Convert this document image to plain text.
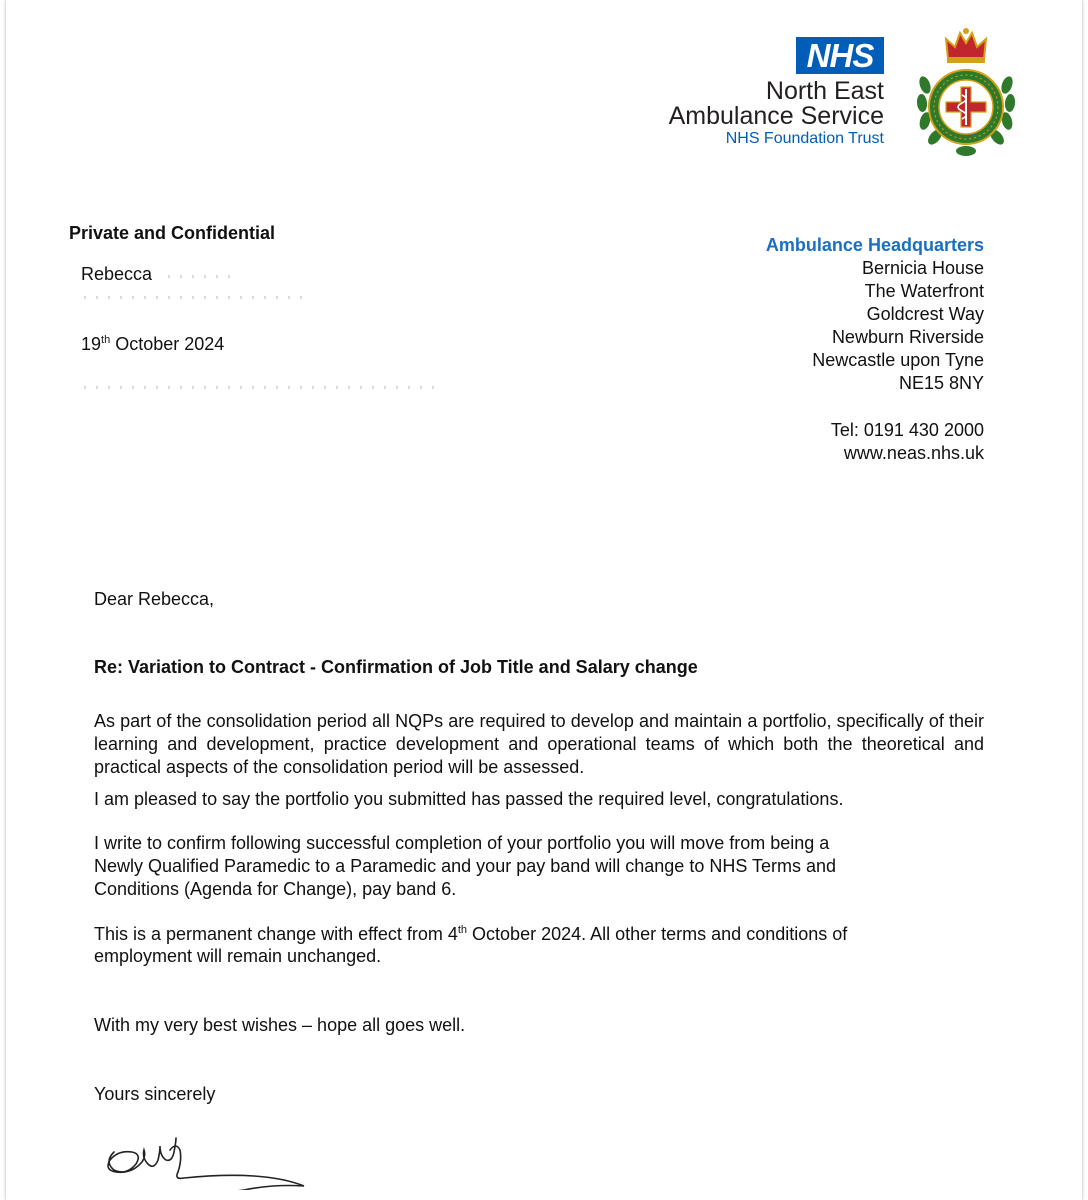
NHS
North East
Ambulance Service
NHS Foundation Trust
Private and Confidential
Rebecca
19th October 2024
Ambulance Headquarters
Bernicia House
The Waterfront
Goldcrest Way
Newburn Riverside
Newcastle upon Tyne
NE15 8NY
Tel: 0191 430 2000
www.neas.nhs.uk
Dear Rebecca,
Re: Variation to Contract - Confirmation of Job Title and Salary change
As part of the consolidation period all NQPs are required to develop and maintain a portfolio, specifically of their learning and development, practice development and operational teams of which both the theoretical and practical aspects of the consolidation period will be assessed.
I am pleased to say the portfolio you submitted has passed the required level, congratulations.
I write to confirm following successful completion of your portfolio you will move from being a
Newly Qualified Paramedic to a Paramedic and your pay band will change to NHS Terms and
Conditions (Agenda for Change), pay band 6.
This is a permanent change with effect from 4th October 2024. All other terms and conditions of
employment will remain unchanged.
With my very best wishes – hope all goes well.
Yours sincerely
